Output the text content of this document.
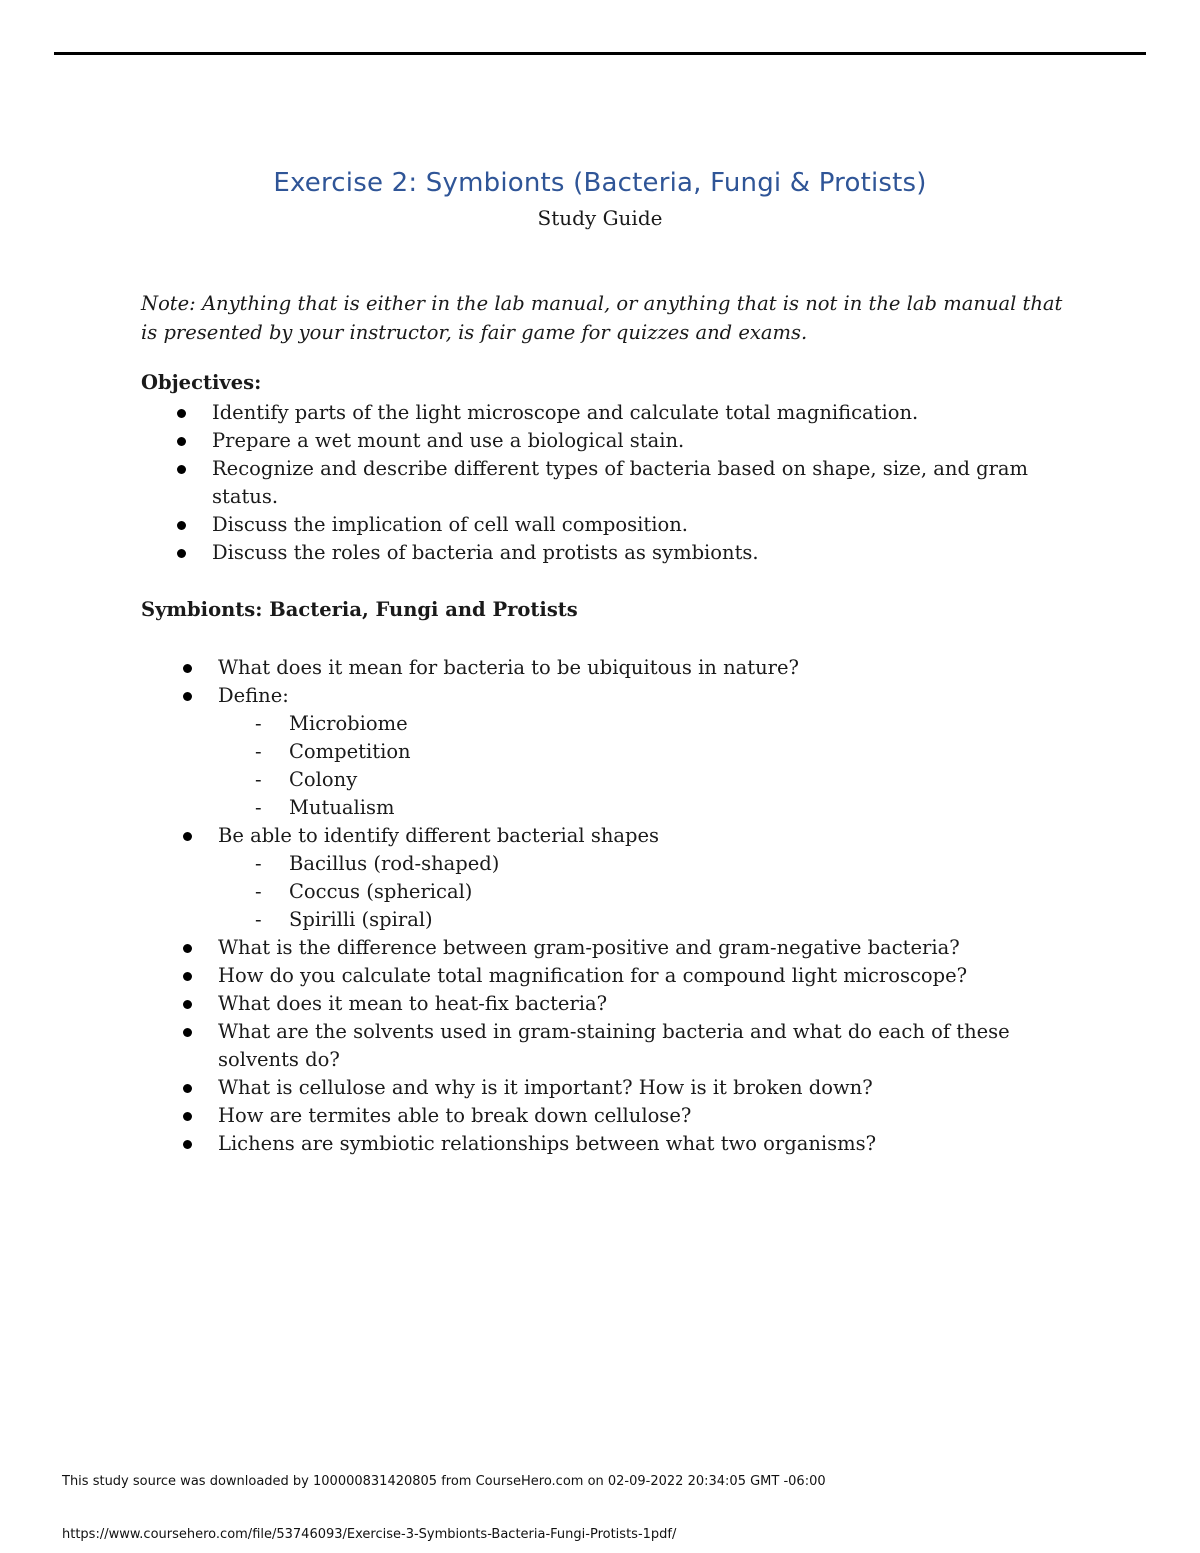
Exercise 2: Symbionts (Bacteria, Fungi & Protists)
Study Guide
Note: Anything that is either in the lab manual, or anything that is not in the lab manual that is presented by your instructor, is fair game for quizzes and exams.
Objectives:
Identify parts of the light microscope and calculate total magnification.
Prepare a wet mount and use a biological stain.
Recognize and describe different types of bacteria based on shape, size, and gram status.
Discuss the implication of cell wall composition.
Discuss the roles of bacteria and protists as symbionts.
Symbionts: Bacteria, Fungi and Protists
What does it mean for bacteria to be ubiquitous in nature?
Define:
- Microbiome
- Competition
- Colony
- Mutualism
Be able to identify different bacterial shapes
- Bacillus (rod-shaped)
- Coccus (spherical)
- Spirilli (spiral)
What is the difference between gram-positive and gram-negative bacteria?
How do you calculate total magnification for a compound light microscope?
What does it mean to heat-fix bacteria?
What are the solvents used in gram-staining bacteria and what do each of these solvents do?
What is cellulose and why is it important? How is it broken down?
How are termites able to break down cellulose?
Lichens are symbiotic relationships between what two organisms?
This study source was downloaded by 100000831420805 from CourseHero.com on 02-09-2022 20:34:05 GMT -06:00
https://www.coursehero.com/file/53746093/Exercise-3-Symbionts-Bacteria-Fungi-Protists-1pdf/
